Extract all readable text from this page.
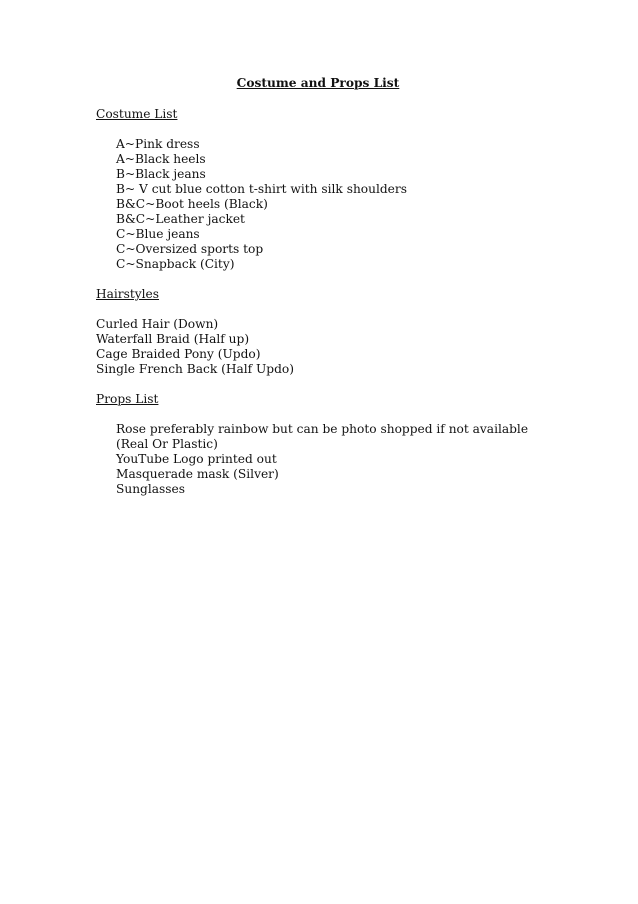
Costume and Props List
Costume List
A~Pink dress
A~Black heels
B~Black jeans
B~ V cut blue cotton t-shirt with silk shoulders
B&C~Boot heels (Black)
B&C~Leather jacket
C~Blue jeans
C~Oversized sports top
C~Snapback (City)
Hairstyles
Curled Hair (Down)
Waterfall Braid (Half up)
Cage Braided Pony (Updo)
Single French Back (Half Updo)
Props List
Rose preferably rainbow but can be photo shopped if not available (Real Or Plastic)
YouTube Logo printed out
Masquerade mask (Silver)
Sunglasses
